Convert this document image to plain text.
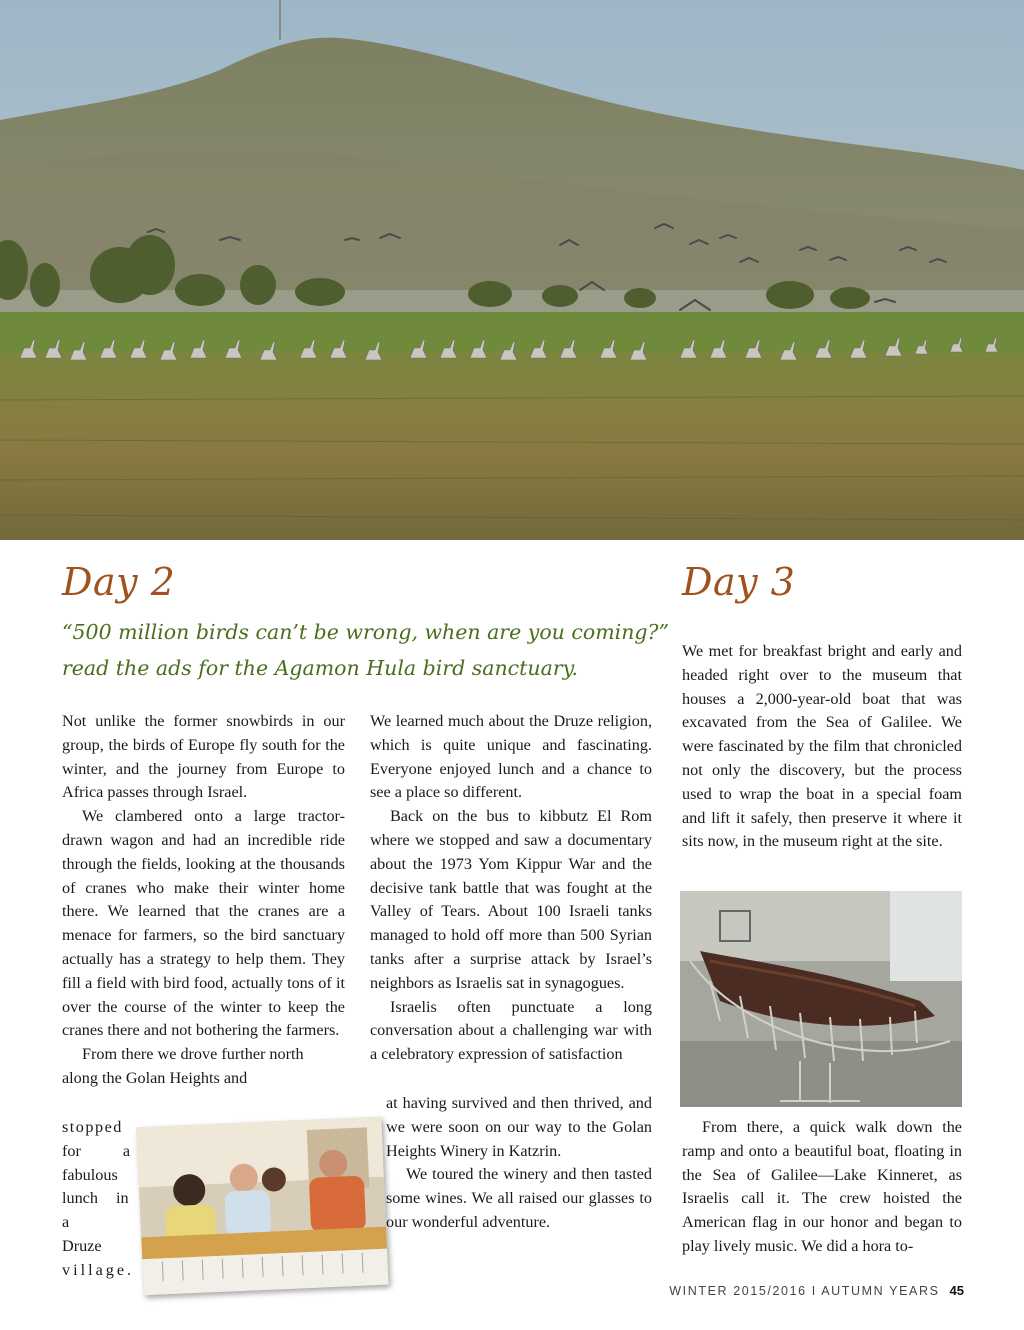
Day 2

“500 million birds can’t be wrong, when are you coming?”

read the ads for the Agamon Hula bird sanctuary.

Not unlike the former snowbirds in our group, the birds of Europe fly south for the winter, and the journey from Europe to Africa passes through Israel.

We clambered onto a large tractor-drawn wagon and had an incredible ride through the fields, looking at the thousands of cranes who make their winter home there. We learned that the cranes are a menace for farmers, so the bird sanctuary actually has a strategy to help them. They fill a field with bird food, actually tons of it over the course of the winter to keep the cranes there and not bothering the farmers.

From there we drove further north

along the Golan Heights and

stopped

for a

fabulous

lunch in

a Druze

village.

We learned much about the Druze religion, which is quite unique and fascinating. Everyone enjoyed lunch and a chance to see a place so different.

Back on the bus to kibbutz El Rom where we stopped and saw a documentary about the 1973 Yom Kippur War and the decisive tank battle that was fought at the Valley of Tears. About 100 Israeli tanks managed to hold off more than 500 Syrian tanks after a surprise attack by Israel’s neighbors as Israelis sat in synagogues.

Israelis often punctuate a long conversation about a challenging war with a celebratory expression of satisfaction

at having survived and then thrived, and we were soon on our way to the Golan Heights Winery in Katzrin.

We toured the winery and then tasted some wines. We all raised our glasses to our wonderful adventure.

Day 3

We met for breakfast bright and early and headed right over to the museum that houses a 2,000-year-old boat that was excavated from the Sea of Galilee. We were fascinated by the film that chronicled not only the discovery, but the process used to wrap the boat in a special foam and lift it safely, then preserve it where it sits now, in the museum right at the site.

From there, a quick walk down the ramp and onto a beautiful boat, floating in the Sea of Galilee—Lake Kinneret, as Israelis call it. The crew hoisted the American flag in our honor and began to play lively music. We did a hora to-

WINTER 2015/2016 I AUTUMN YEARS 45
